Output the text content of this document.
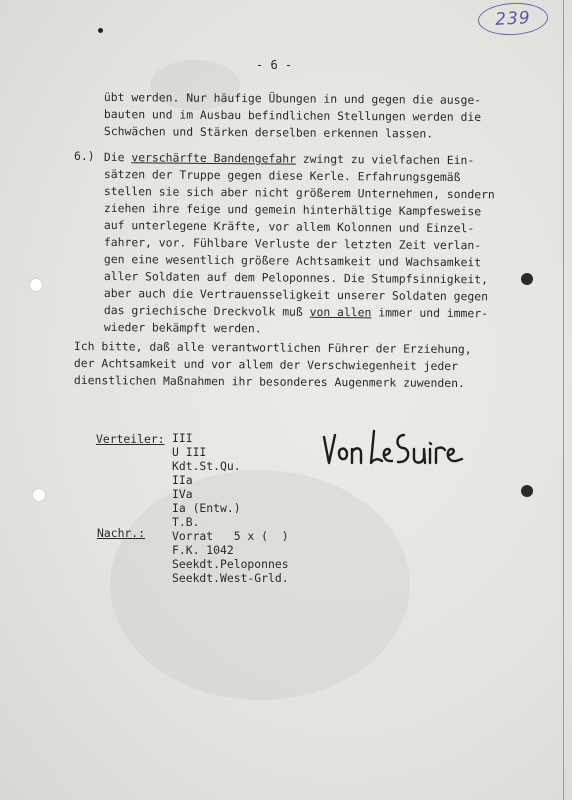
239
- 6 -
übt werden. Nur häufige Übungen in und gegen die ausge-
bauten und im Ausbau befindlichen Stellungen werden die
Schwächen und Stärken derselben erkennen lassen.
6.) Die verschärfte Bandengefahr zwingt zu vielfachen Ein-
sätzen der Truppe gegen diese Kerle. Erfahrungsgemäß
stellen sie sich aber nicht größerem Unternehmen, sondern
ziehen ihre feige und gemein hinterhältige Kampfesweise
auf unterlegene Kräfte, vor allem Kolonnen und Einzel-
fahrer, vor. Fühlbare Verluste der letzten Zeit verlan-
gen eine wesentlich größere Achtsamkeit und Wachsamkeit
aller Soldaten auf dem Peloponnes. Die Stumpfsinnigkeit,
aber auch die Vertrauensseligkeit unserer Soldaten gegen
das griechische Dreckvolk muß von allen immer und immer-
wieder bekämpft werden.
Ich bitte, daß alle verantwortlichen Führer der Erziehung,
der Achtsamkeit und vor allem der Verschwiegenheit jeder
dienstlichen Maßnahmen ihr besonderes Augenmerk zuwenden.
Verteiler: III
U III
Kdt.St.Qu.
IIa
IVa
Ia (Entw.)
T.B.
Vorrat   5 x (  )
Nachr.:
F.K. 1042
Seekdt.Peloponnes
Seekdt.West-Grld.
